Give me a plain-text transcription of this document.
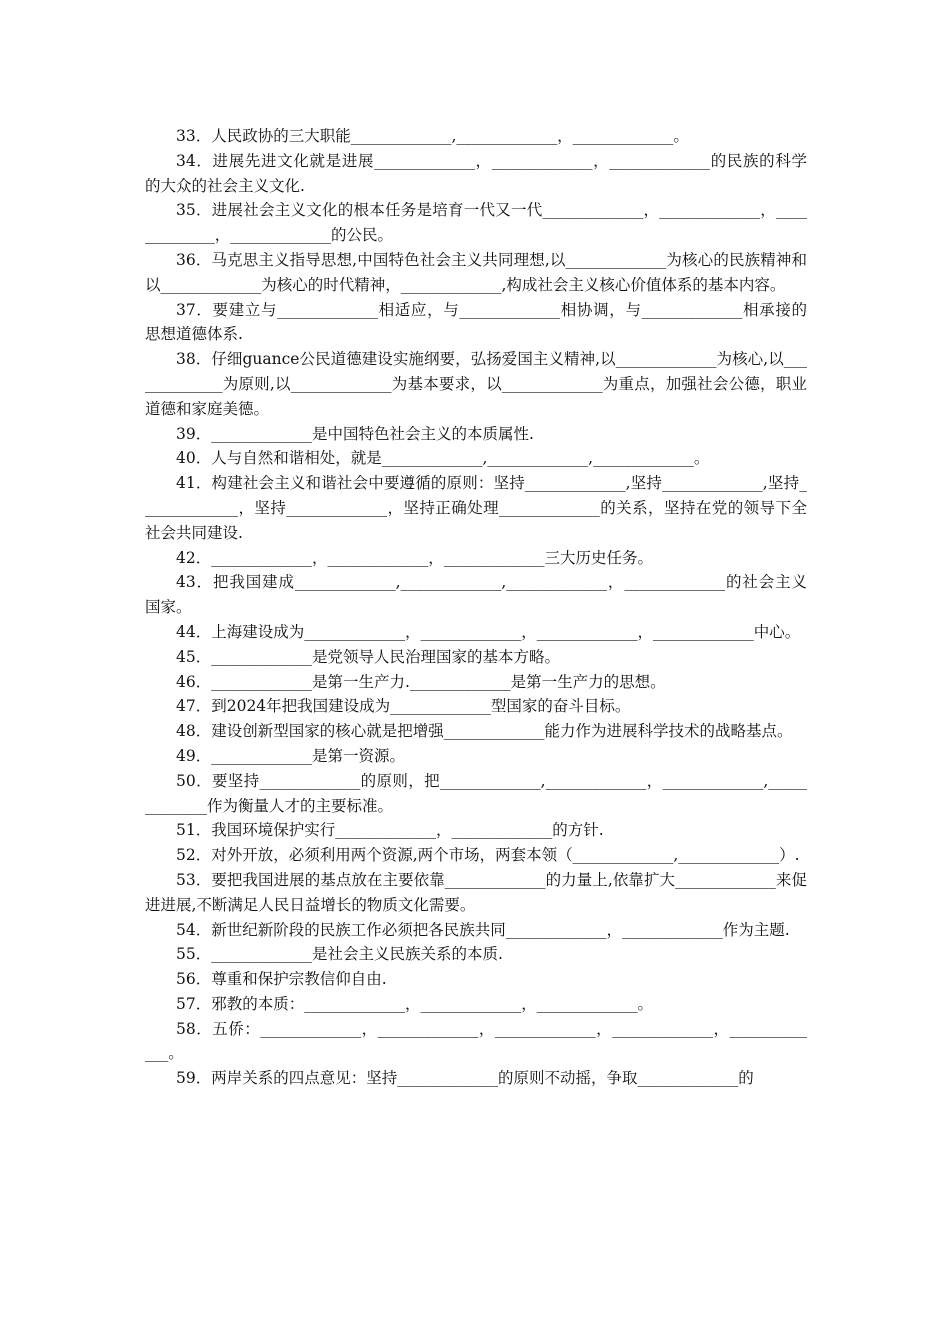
33．人民政协的三大职能_____________,_____________，_____________。

34．进展先进文化就是进展_____________，_____________，_____________的民族的科学的大众的社会主义文化.

35．进展社会主义文化的根本任务是培育一代又一代_____________，_____________，_____________，_____________的公民。

36．马克思主义指导思想,中国特色社会主义共同理想,以_____________为核心的民族精神和以_____________为核心的时代精神，_____________,构成社会主义核心价值体系的基本内容。

37．要建立与_____________相适应，与_____________相协调，与_____________相承接的思想道德体系.

38．仔细guance公民道德建设实施纲要，弘扬爱国主义精神,以_____________为核心,以_____________为原则,以_____________为基本要求，以_____________为重点，加强社会公德，职业道德和家庭美德。

39．_____________是中国特色社会主义的本质属性.

40．人与自然和谐相处，就是_____________,_____________,_____________。

41．构建社会主义和谐社会中要遵循的原则：坚持_____________,坚持_____________,坚持_____________，坚持_____________，坚持正确处理_____________的关系，坚持在党的领导下全社会共同建设.

42．_____________，_____________，_____________三大历史任务。

43．把我国建成_____________,_____________,_____________，_____________的社会主义国家。

44．上海建设成为_____________，_____________，_____________，_____________中心。

45．_____________是党领导人民治理国家的基本方略。

46．_____________是第一生产力._____________是第一生产力的思想。

47．到2024年把我国建设成为_____________型国家的奋斗目标。

48．建设创新型国家的核心就是把增强_____________能力作为进展科学技术的战略基点。

49．_____________是第一资源。

50．要坚持_____________的原则，把_____________,_____________，_____________,_____________作为衡量人才的主要标准。

51．我国环境保护实行_____________，_____________的方针.

52．对外开放，必须利用两个资源,两个市场，两套本领（_____________,_____________）.

53．要把我国进展的基点放在主要依靠_____________的力量上,依靠扩大_____________来促进进展,不断满足人民日益增长的物质文化需要。

54．新世纪新阶段的民族工作必须把各民族共同_____________，_____________作为主题.

55．_____________是社会主义民族关系的本质.

56．尊重和保护宗教信仰自由.

57．邪教的本质：_____________，_____________，_____________。

58．五侨：_____________，_____________，_____________，_____________，_____________。

59．两岸关系的四点意见：坚持_____________的原则不动摇，争取_____________的
